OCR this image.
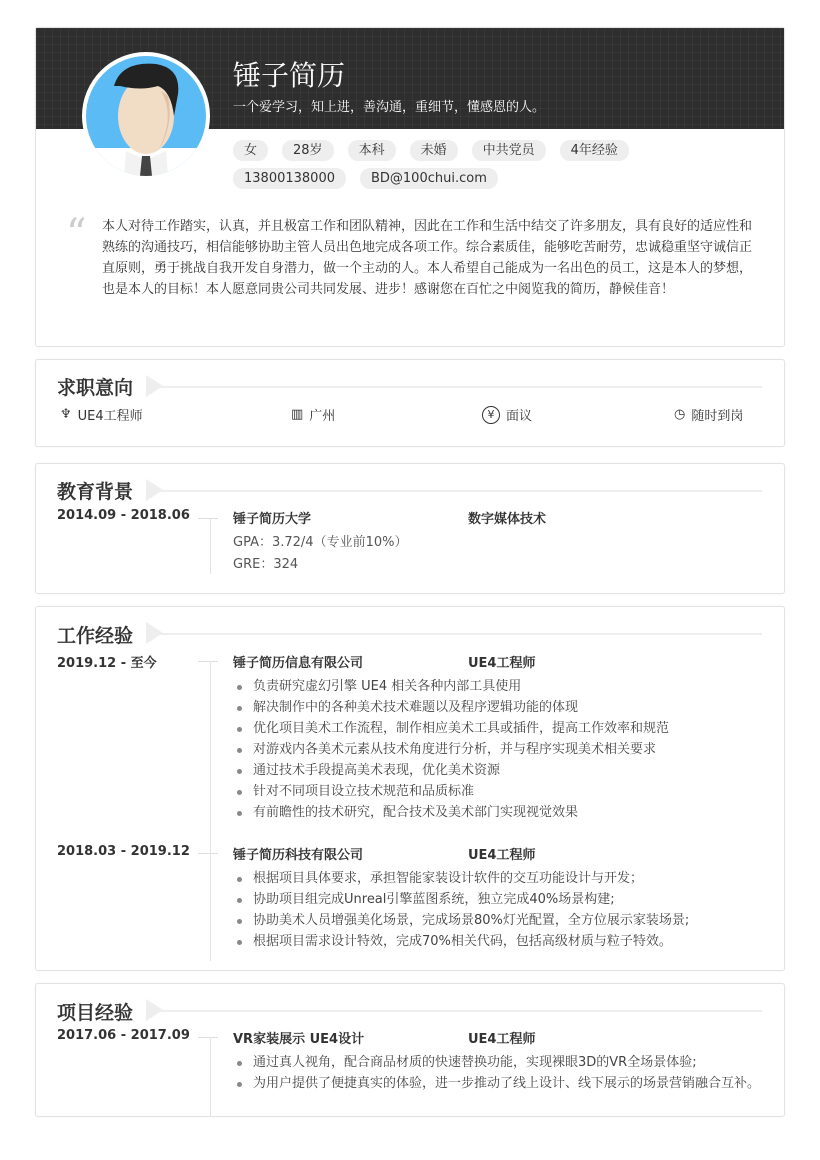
锤子简历
一个爱学习，知上进，善沟通，重细节，懂感恩的人。
女	28岁	本科	未婚	中共党员	4年经验
13800138000	BD@100chui.com
“ 本人对待工作踏实，认真，并且极富工作和团队精神，因此在工作和生活中结交了许多朋友，具有良好的适应性和熟练的沟通技巧，相信能够协助主管人员出色地完成各项工作。综合素质佳，能够吃苦耐劳，忠诚稳重坚守诚信正直原则，勇于挑战自我开发自身潜力，做一个主动的人。本人希望自己能成为一名出色的员工，这是本人的梦想，也是本人的目标！本人愿意同贵公司共同发展、进步！感谢您在百忙之中阅览我的简历，静候佳音！
求职意向
♆ UE4工程师	▥ 广州	¥ 面议	◷ 随时到岗
教育背景
2014.09 - 2018.06	锤子简历大学	数字媒体技术
GPA：3.72/4（专业前10%）
GRE：324
工作经验
2019.12 - 至今	锤子简历信息有限公司	UE4工程师
负责研究虚幻引擎 UE4 相关各种内部工具使用
解决制作中的各种美术技术难题以及程序逻辑功能的体现
优化项目美术工作流程，制作相应美术工具或插件，提高工作效率和规范
对游戏内各美术元素从技术角度进行分析，并与程序实现美术相关要求
通过技术手段提高美术表现，优化美术资源
针对不同项目设立技术规范和品质标准
有前瞻性的技术研究，配合技术及美术部门实现视觉效果
2018.03 - 2019.12	锤子简历科技有限公司	UE4工程师
根据项目具体要求，承担智能家装设计软件的交互功能设计与开发；
协助项目组完成Unreal引擎蓝图系统，独立完成40%场景构建;
协助美术人员增强美化场景，完成场景80%灯光配置，全方位展示家装场景;
根据项目需求设计特效，完成70%相关代码，包括高级材质与粒子特效。
项目经验
2017.06 - 2017.09	VR家装展示 UE4设计	UE4工程师
通过真人视角，配合商品材质的快速替换功能，实现裸眼3D的VR全场景体验;
为用户提供了便捷真实的体验，进一步推动了线上设计、线下展示的场景营销融合互补。
